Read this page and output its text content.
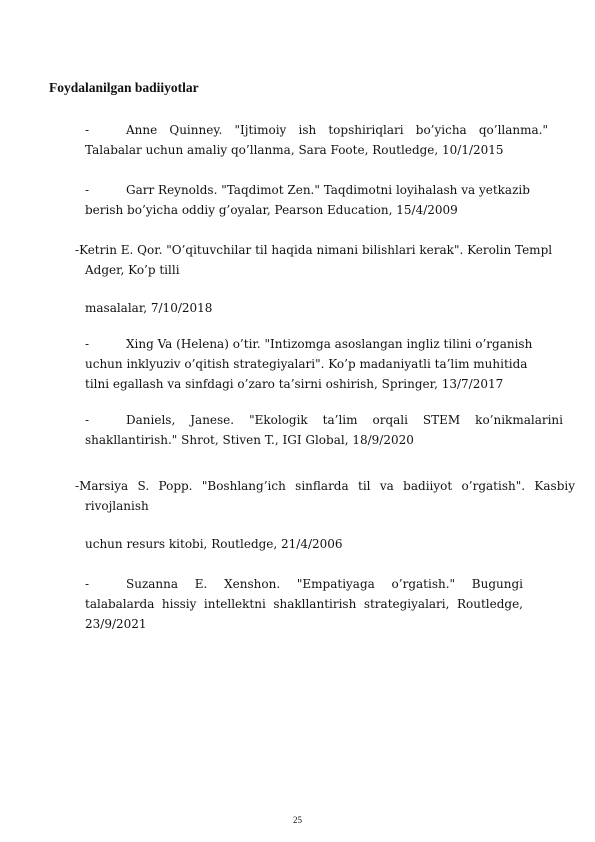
Foydalanilgan badiiyotlar
-	Anne Quinney. "Ijtimoiy ish topshiriqlari bo’yicha qo’llanma."
Talabalar uchun amaliy qo’llanma, Sara Foote, Routledge, 10/1/2015
-	Garr Reynolds. "Taqdimot Zen." Taqdimotni loyihalash va yetkazib
berish bo’yicha oddiy g’oyalar, Pearson Education, 15/4/2009
-Ketrin E. Qor. "O’qituvchilar til haqida nimani bilishlari kerak". Kerolin Templ
Adger, Ko’p tilli
masalalar, 7/10/2018
-	Xing Va (Helena) o’tir. "Intizomga asoslangan ingliz tilini o’rganish
uchun inklyuziv o’qitish strategiyalari". Ko’p madaniyatli ta’lim muhitida
tilni egallash va sinfdagi o’zaro ta’sirni oshirish, Springer, 13/7/2017
-	Daniels, Janese. "Ekologik ta’lim orqali STEM ko’nikmalarini
shakllantirish." Shrot, Stiven T., IGI Global, 18/9/2020
-Marsiya S. Popp. "Boshlang’ich sinflarda til va badiiyot o’rgatish". Kasbiy
rivojlanish
uchun resurs kitobi, Routledge, 21/4/2006
-	Suzanna E. Xenshon. "Empatiyaga o’rgatish." Bugungi
talabalarda hissiy intellektni shakllantirish strategiyalari, Routledge,
23/9/2021
25
